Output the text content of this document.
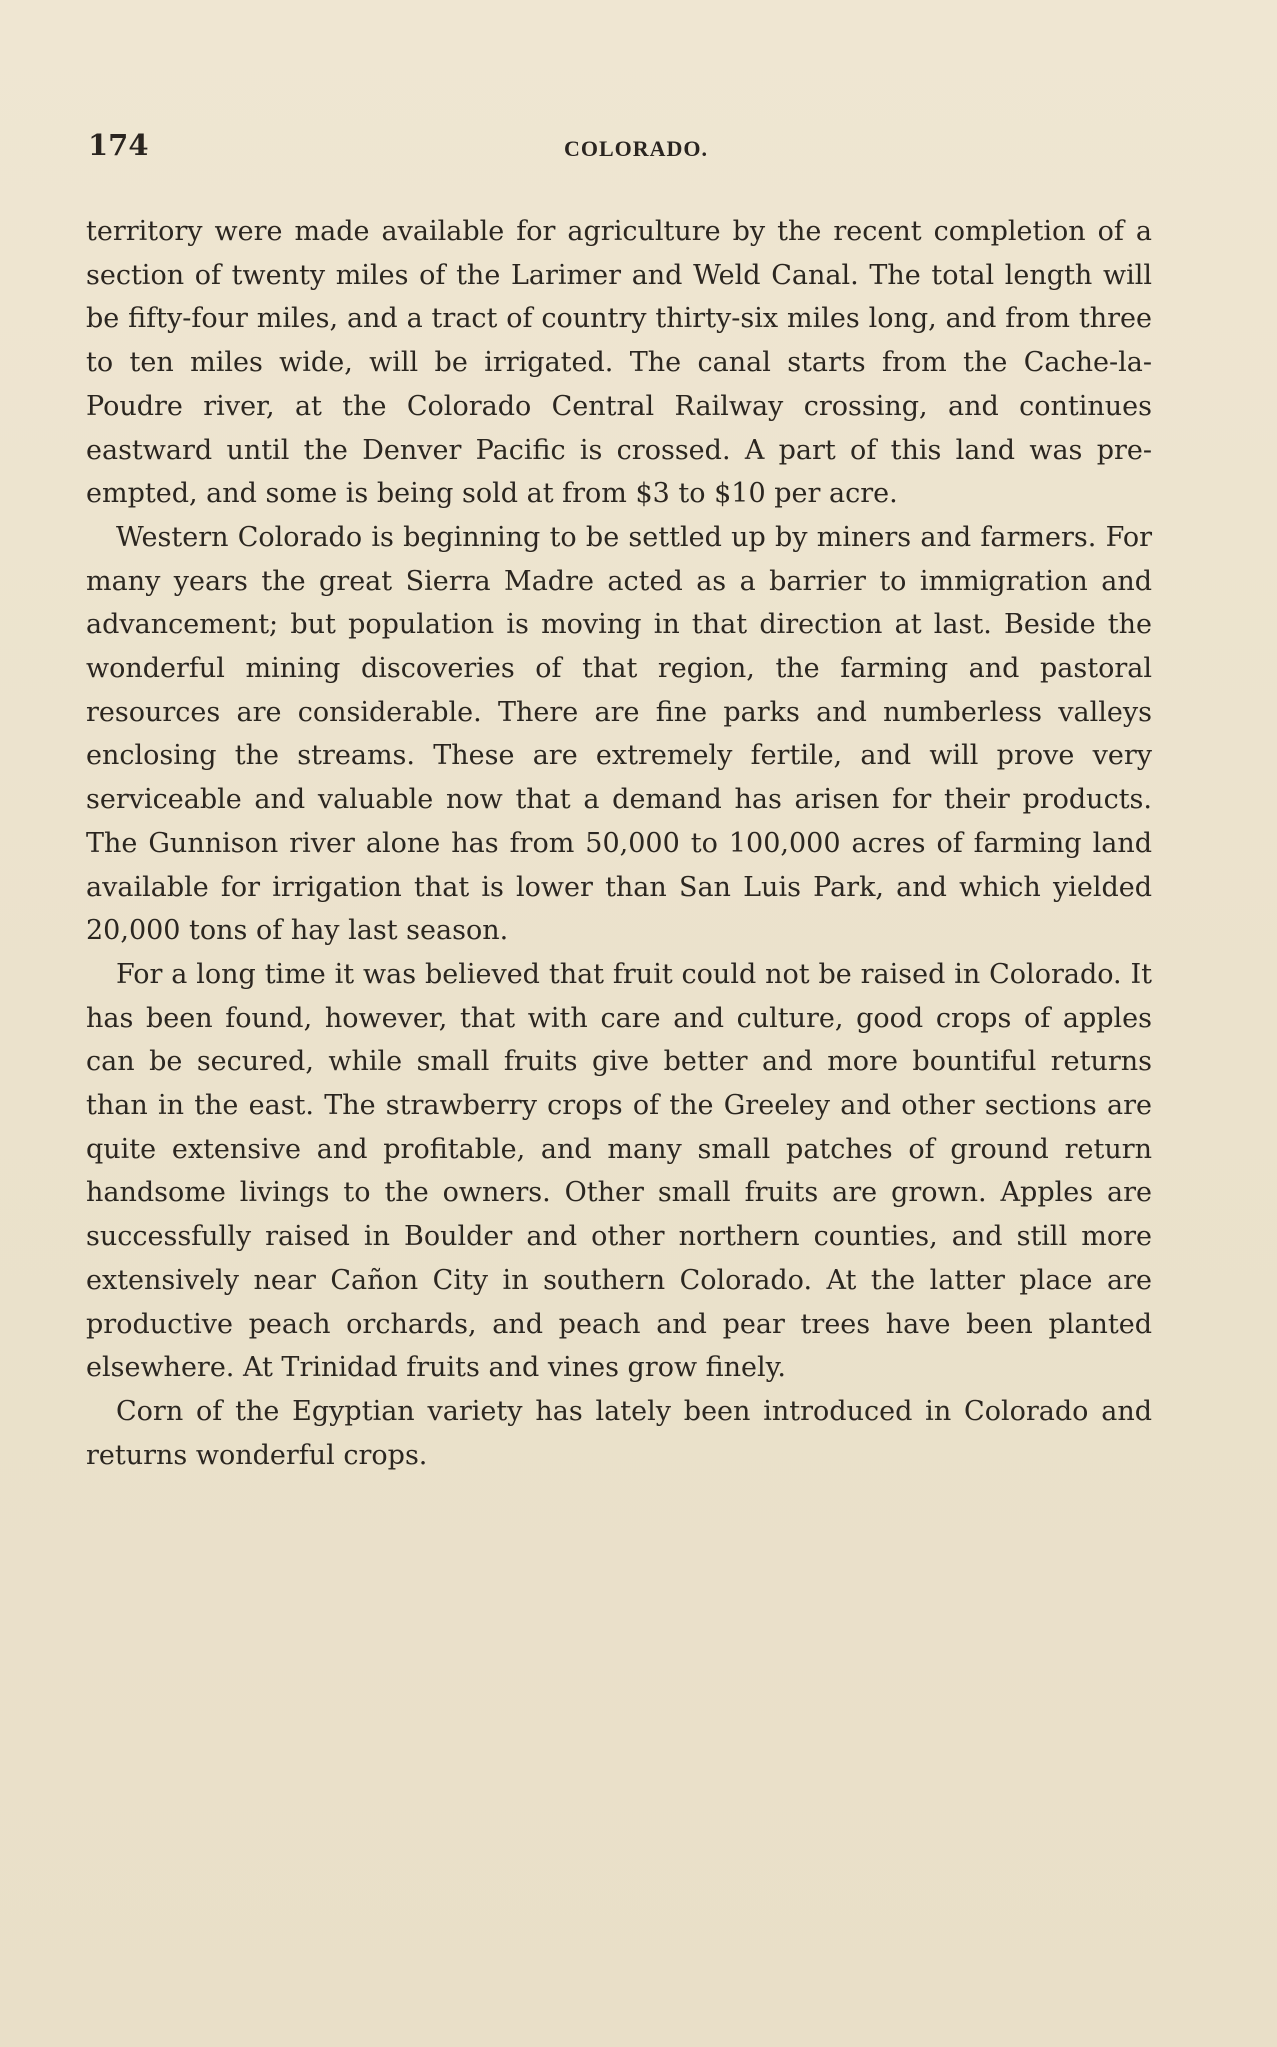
174	COLORADO.

territory were made available for agriculture by the recent completion of a section of twenty miles of the Larimer and Weld Canal. The total length will be fifty-four miles, and a tract of country thirty-six miles long, and from three to ten miles wide, will be irrigated. The canal starts from the Cache-la-Poudre river, at the Colorado Central Railway crossing, and continues eastward until the Denver Pacific is crossed. A part of this land was pre-empted, and some is being sold at from $3 to $10 per acre.

Western Colorado is beginning to be settled up by miners and farmers. For many years the great Sierra Madre acted as a barrier to immigration and advancement; but population is moving in that direction at last. Beside the wonderful mining discoveries of that region, the farming and pastoral resources are considerable. There are fine parks and numberless valleys enclosing the streams. These are extremely fertile, and will prove very serviceable and valuable now that a demand has arisen for their products. The Gunnison river alone has from 50,000 to 100,000 acres of farming land available for irrigation that is lower than San Luis Park, and which yielded 20,000 tons of hay last season.

For a long time it was believed that fruit could not be raised in Colorado. It has been found, however, that with care and culture, good crops of apples can be secured, while small fruits give better and more bountiful returns than in the east. The strawberry crops of the Greeley and other sections are quite extensive and profitable, and many small patches of ground return handsome livings to the owners. Other small fruits are grown. Apples are successfully raised in Boulder and other northern counties, and still more extensively near Cañon City in southern Colorado. At the latter place are productive peach orchards, and peach and pear trees have been planted elsewhere. At Trinidad fruits and vines grow finely.

Corn of the Egyptian variety has lately been introduced in Colorado and returns wonderful crops.
